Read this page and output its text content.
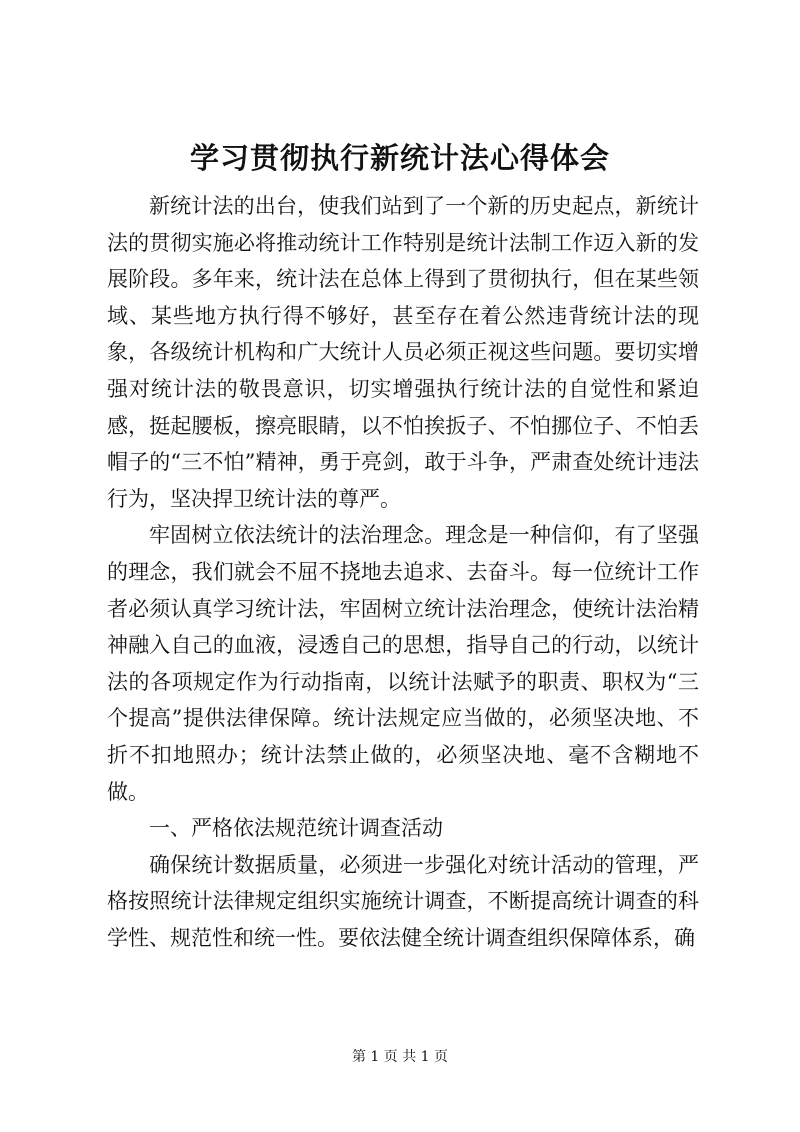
学习贯彻执行新统计法心得体会

新统计法的出台，使我们站到了一个新的历史起点，新统计法的贯彻实施必将推动统计工作特别是统计法制工作迈入新的发展阶段。多年来，统计法在总体上得到了贯彻执行，但在某些领域、某些地方执行得不够好，甚至存在着公然违背统计法的现象，各级统计机构和广大统计人员必须正视这些问题。要切实增强对统计法的敬畏意识，切实增强执行统计法的自觉性和紧迫感，挺起腰板，擦亮眼睛，以不怕挨扳子、不怕挪位子、不怕丢帽子的“三不怕”精神，勇于亮剑，敢于斗争，严肃查处统计违法行为，坚决捍卫统计法的尊严。

牢固树立依法统计的法治理念。理念是一种信仰，有了坚强的理念，我们就会不屈不挠地去追求、去奋斗。每一位统计工作者必须认真学习统计法，牢固树立统计法治理念，使统计法治精神融入自己的血液，浸透自己的思想，指导自己的行动，以统计法的各项规定作为行动指南，以统计法赋予的职责、职权为“三个提高”提供法律保障。统计法规定应当做的，必须坚决地、不折不扣地照办；统计法禁止做的，必须坚决地、毫不含糊地不做。

一、严格依法规范统计调查活动

确保统计数据质量，必须进一步强化对统计活动的管理，严格按照统计法律规定组织实施统计调查，不断提高统计调查的科学性、规范性和统一性。要依法健全统计调查组织保障体系，确

第 1 页 共 1 页
